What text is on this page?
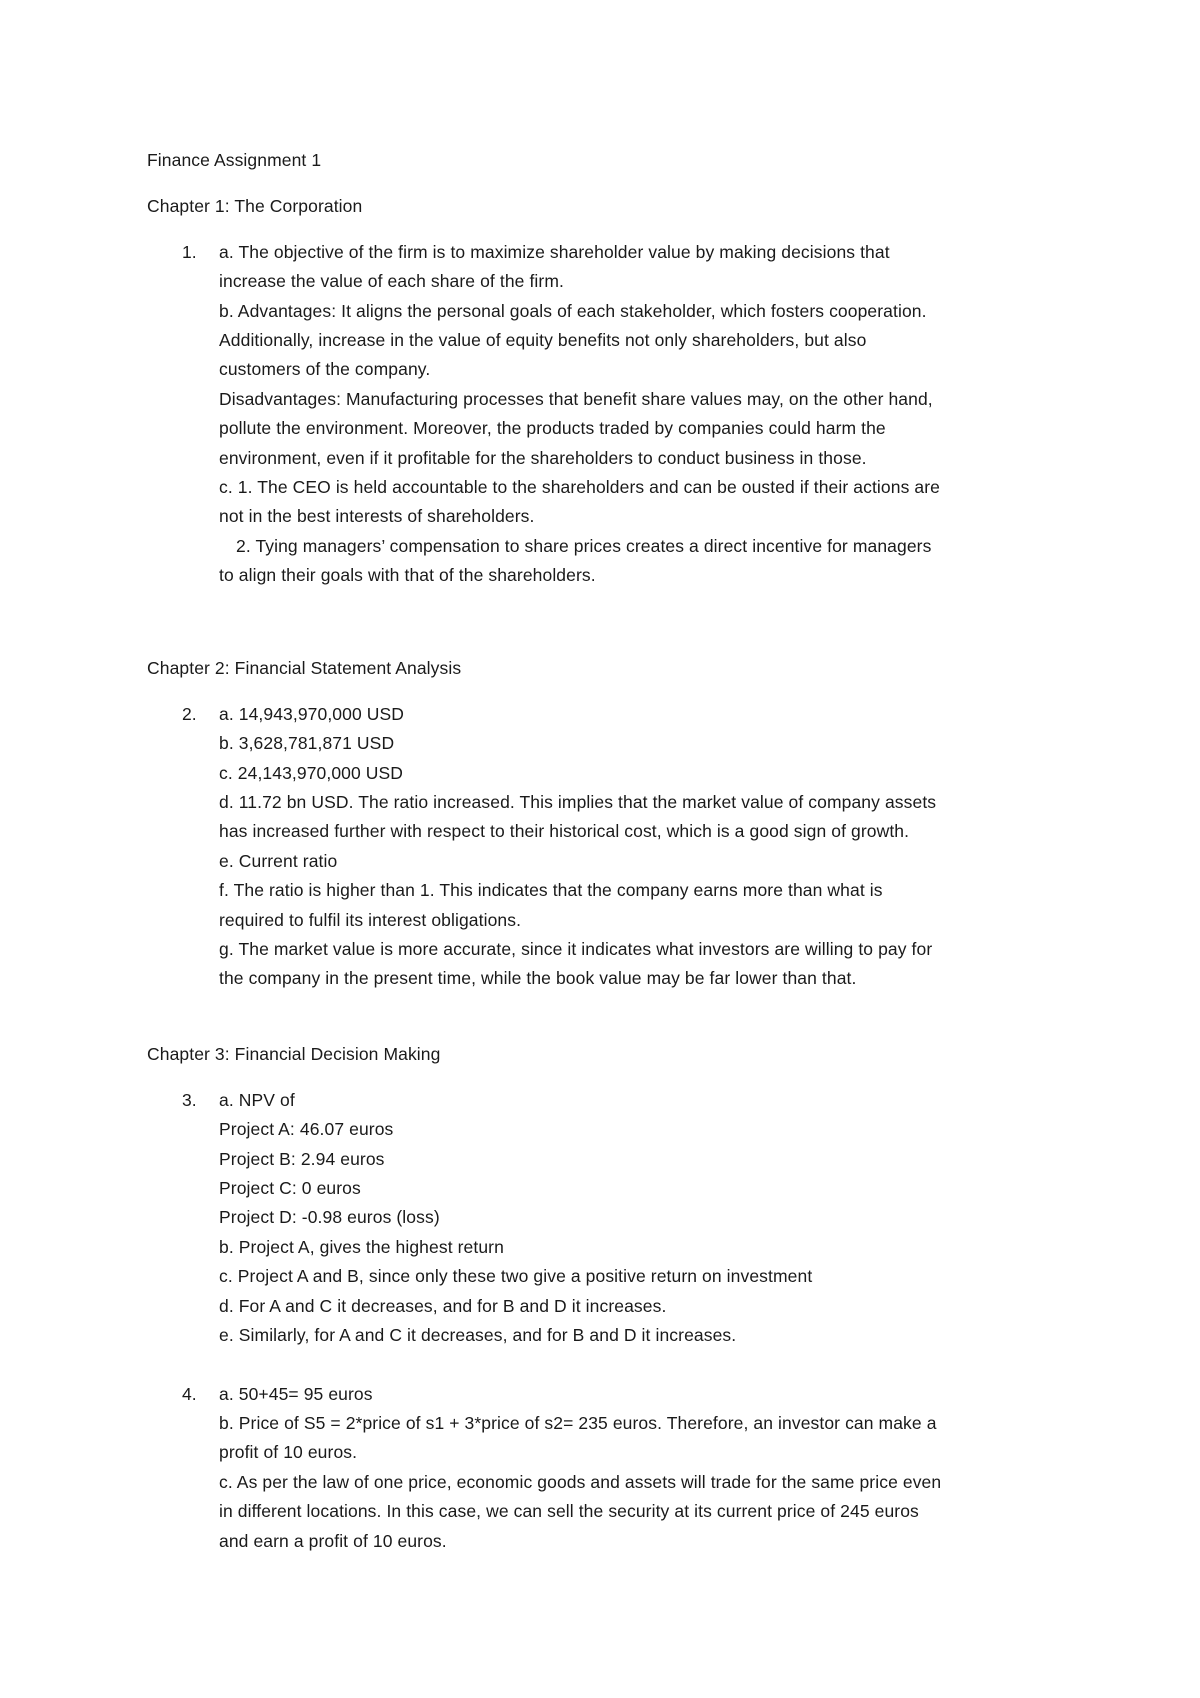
Finance Assignment 1
Chapter 1: The Corporation
1. a. The objective of the firm is to maximize shareholder value by making decisions that
increase the value of each share of the firm.
b. Advantages: It aligns the personal goals of each stakeholder, which fosters cooperation.
Additionally, increase in the value of equity benefits not only shareholders, but also
customers of the company.
Disadvantages: Manufacturing processes that benefit share values may, on the other hand,
pollute the environment. Moreover, the products traded by companies could harm the
environment, even if it profitable for the shareholders to conduct business in those.
c. 1. The CEO is held accountable to the shareholders and can be ousted if their actions are
not in the best interests of shareholders.
2. Tying managers’ compensation to share prices creates a direct incentive for managers
to align their goals with that of the shareholders.
Chapter 2: Financial Statement Analysis
2. a. 14,943,970,000 USD
b. 3,628,781,871 USD
c. 24,143,970,000 USD
d. 11.72 bn USD. The ratio increased. This implies that the market value of company assets
has increased further with respect to their historical cost, which is a good sign of growth.
e. Current ratio
f. The ratio is higher than 1. This indicates that the company earns more than what is
required to fulfil its interest obligations.
g. The market value is more accurate, since it indicates what investors are willing to pay for
the company in the present time, while the book value may be far lower than that.
Chapter 3: Financial Decision Making
3. a. NPV of
Project A: 46.07 euros
Project B: 2.94 euros
Project C: 0 euros
Project D: -0.98 euros (loss)
b. Project A, gives the highest return
c. Project A and B, since only these two give a positive return on investment
d. For A and C it decreases, and for B and D it increases.
e. Similarly, for A and C it decreases, and for B and D it increases.
4. a. 50+45= 95 euros
b. Price of S5 = 2*price of s1 + 3*price of s2= 235 euros. Therefore, an investor can make a
profit of 10 euros.
c. As per the law of one price, economic goods and assets will trade for the same price even
in different locations. In this case, we can sell the security at its current price of 245 euros
and earn a profit of 10 euros.
